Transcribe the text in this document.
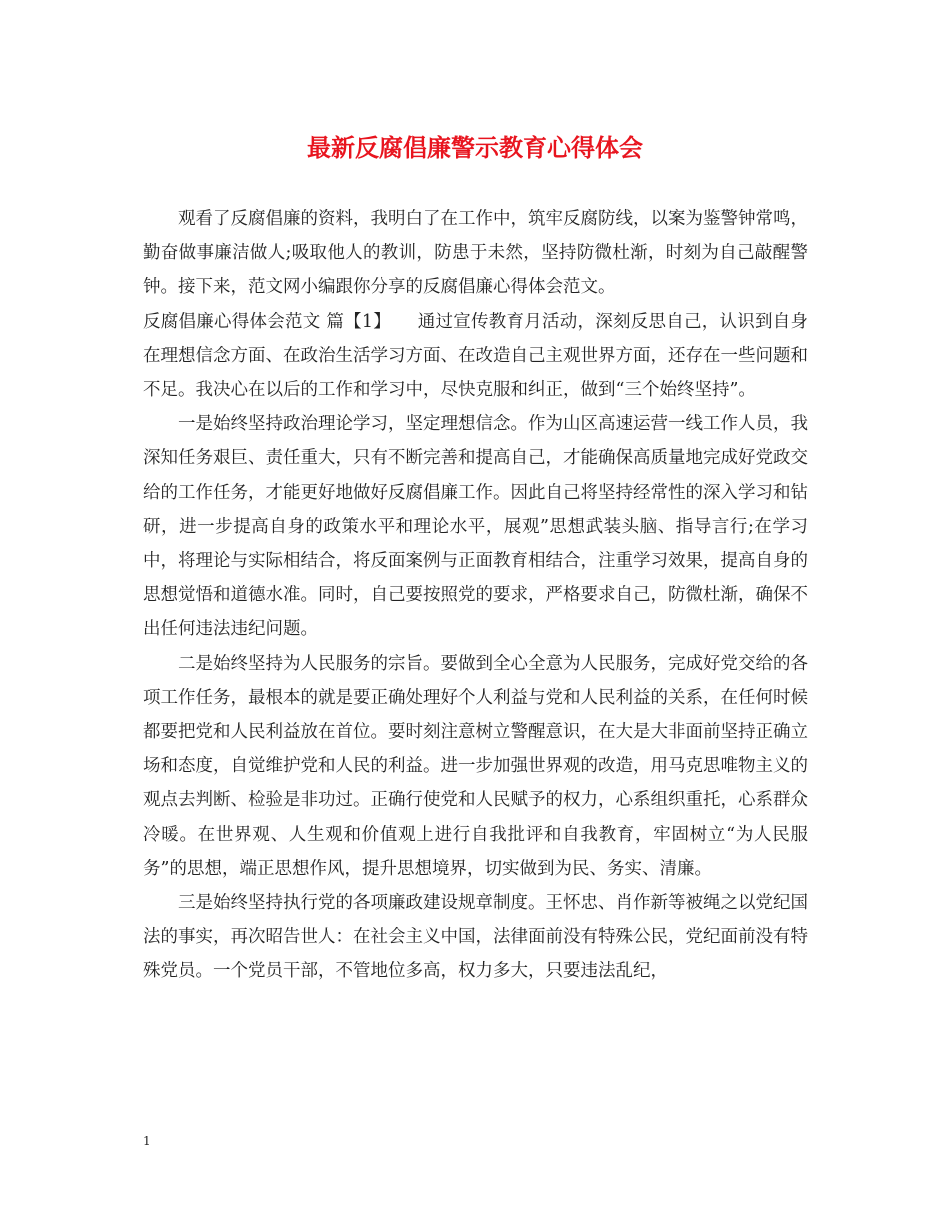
最新反腐倡廉警示教育心得体会

观看了反腐倡廉的资料，我明白了在工作中，筑牢反腐防线，以案为鉴警钟常鸣，勤奋做事廉洁做人;吸取他人的教训，防患于未然，坚持防微杜渐，时刻为自己敲醒警钟。接下来，范文网小编跟你分享的反腐倡廉心得体会范文。

反腐倡廉心得体会范文 篇【1】　　通过宣传教育月活动，深刻反思自己，认识到自身在理想信念方面、在政治生活学习方面、在改造自己主观世界方面，还存在一些问题和不足。我决心在以后的工作和学习中，尽快克服和纠正，做到“三个始终坚持”。

一是始终坚持政治理论学习，坚定理想信念。作为山区高速运营一线工作人员，我深知任务艰巨、责任重大，只有不断完善和提高自己，才能确保高质量地完成好党政交给的工作任务，才能更好地做好反腐倡廉工作。因此自己将坚持经常性的深入学习和钻研，进一步提高自身的政策水平和理论水平，展观”思想武装头脑、指导言行;在学习中，将理论与实际相结合，将反面案例与正面教育相结合，注重学习效果，提高自身的思想觉悟和道德水准。同时，自己要按照党的要求，严格要求自己，防微杜渐，确保不出任何违法违纪问题。

二是始终坚持为人民服务的宗旨。要做到全心全意为人民服务，完成好党交给的各项工作任务，最根本的就是要正确处理好个人利益与党和人民利益的关系，在任何时候都要把党和人民利益放在首位。要时刻注意树立警醒意识，在大是大非面前坚持正确立场和态度，自觉维护党和人民的利益。进一步加强世界观的改造，用马克思唯物主义的观点去判断、检验是非功过。正确行使党和人民赋予的权力，心系组织重托，心系群众冷暖。在世界观、人生观和价值观上进行自我批评和自我教育，牢固树立“为人民服务”的思想，端正思想作风，提升思想境界，切实做到为民、务实、清廉。

三是始终坚持执行党的各项廉政建设规章制度。王怀忠、肖作新等被绳之以党纪国法的事实，再次昭告世人：在社会主义中国，法律面前没有特殊公民，党纪面前没有特殊党员。一个党员干部，不管地位多高，权力多大，只要违法乱纪，

1
